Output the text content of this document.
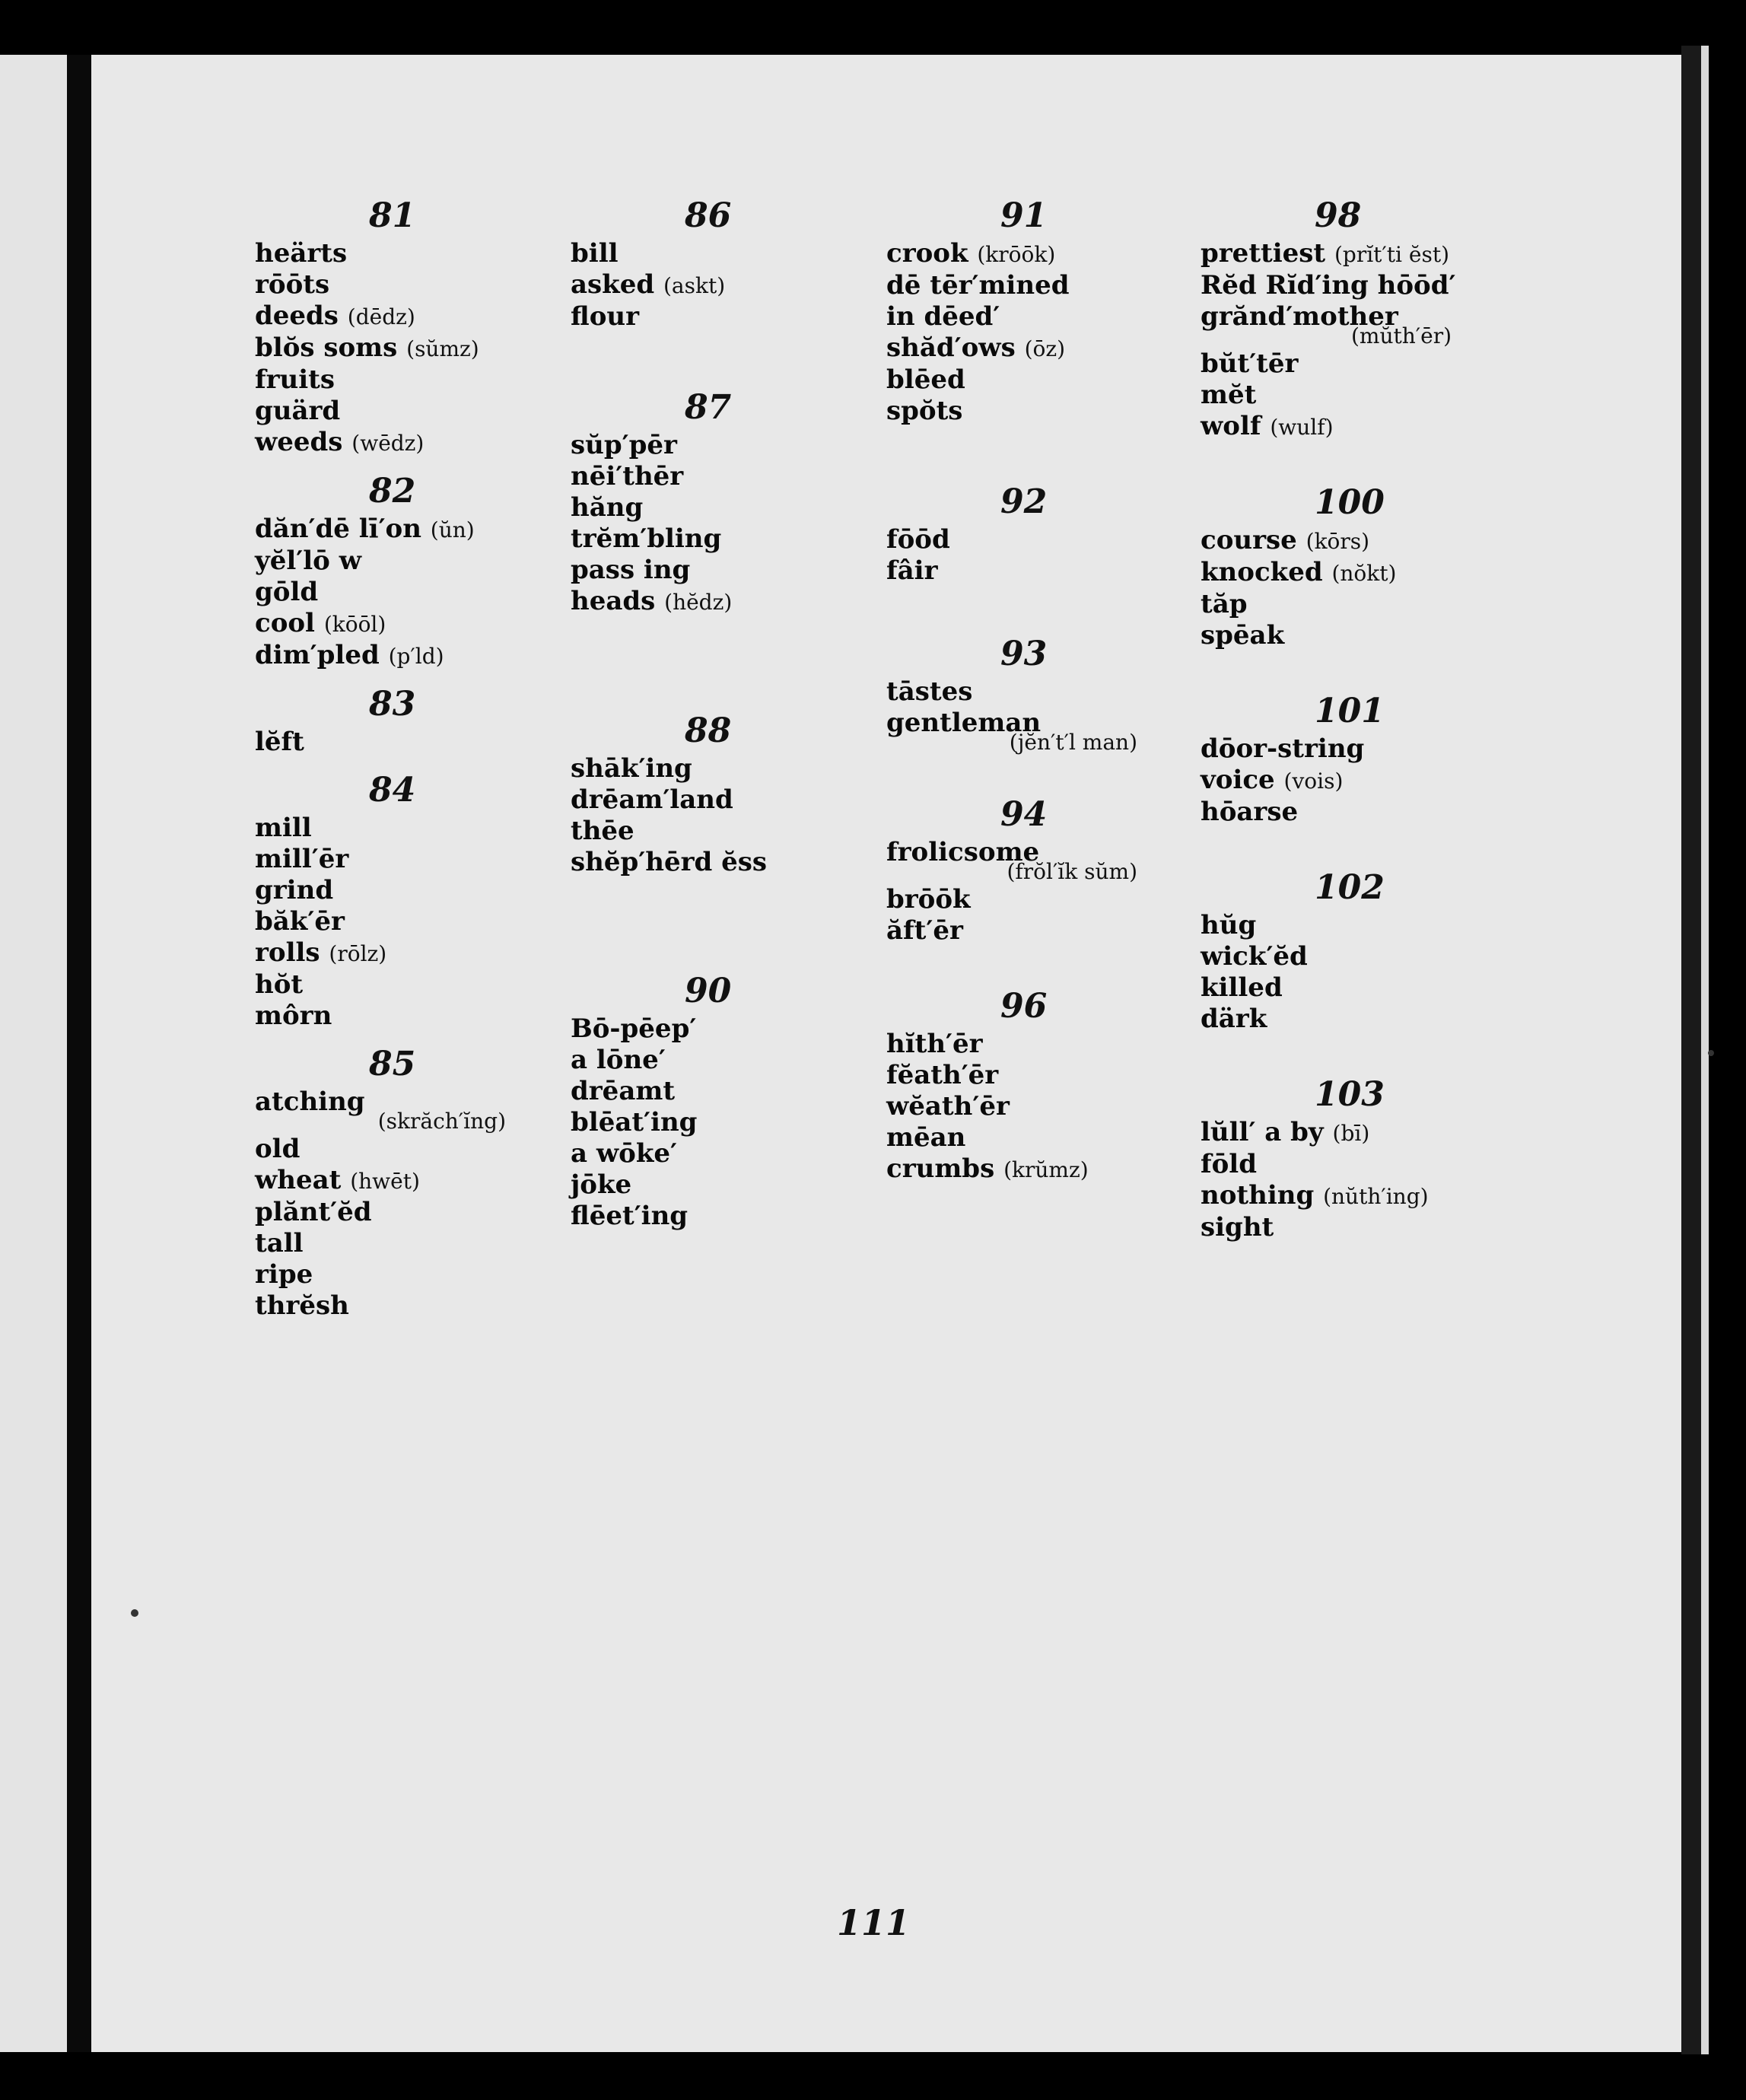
81
heärts
rōōts
deeds (dēdz)
blŏs soms (sŭmz)
fruits
guärd
weeds (wēdz)
82
dăn′dē lī′on (ŭn)
yĕl′lō w
gōld
cool (kōōl)
dim′pled (p′ld)
83
lĕft
84
mill
mill′ēr
grind
băk′ēr
rolls (rōlz)
hŏt
môrn
85
atching
(skrăch′ĭng)
old
wheat (hwēt)
plănt′ĕd
tall
ripe
thrĕsh
86
bill
asked (askt)
flour
87
sŭp′pēr
nēi′thēr
hăng
trĕm′bling
pass ing
heads (hĕdz)
88
shāk′ing
drēam′land
thēe
shĕp′hērd ĕss
90
Bō-pēep′
a lōne′
drēamt
blēat′ing
a wōke′
jōke
flēet′ing
91
crook (krōōk)
dē tēr′mined
in dēed′
shăd′ows (ōz)
blēed
spŏts
92
fōōd
fâir
93
tāstes
gentleman
(jĕn′t′l man)
94
frolicsome
(frŏl′ĭk sŭm)
brōōk
ăft′ēr
96
hĭth′ēr
fĕath′ēr
wĕath′ēr
mēan
crumbs (krŭmz)
98
prettiest (prĭt′ti ĕst)
Rĕd Rĭd′ing hōōd′
grănd′mother
(mŭth′ēr)
bŭt′tēr
mĕt
wolf (wulf)
100
course (kōrs)
knocked (nŏkt)
tăp
spēak
101
dōor-string
voice (vois)
hōarse
102
hŭg
wick′ĕd
killed
därk
103
lŭll′ a by (bī)
fōld
nothing (nŭth′ing)
sight
111
